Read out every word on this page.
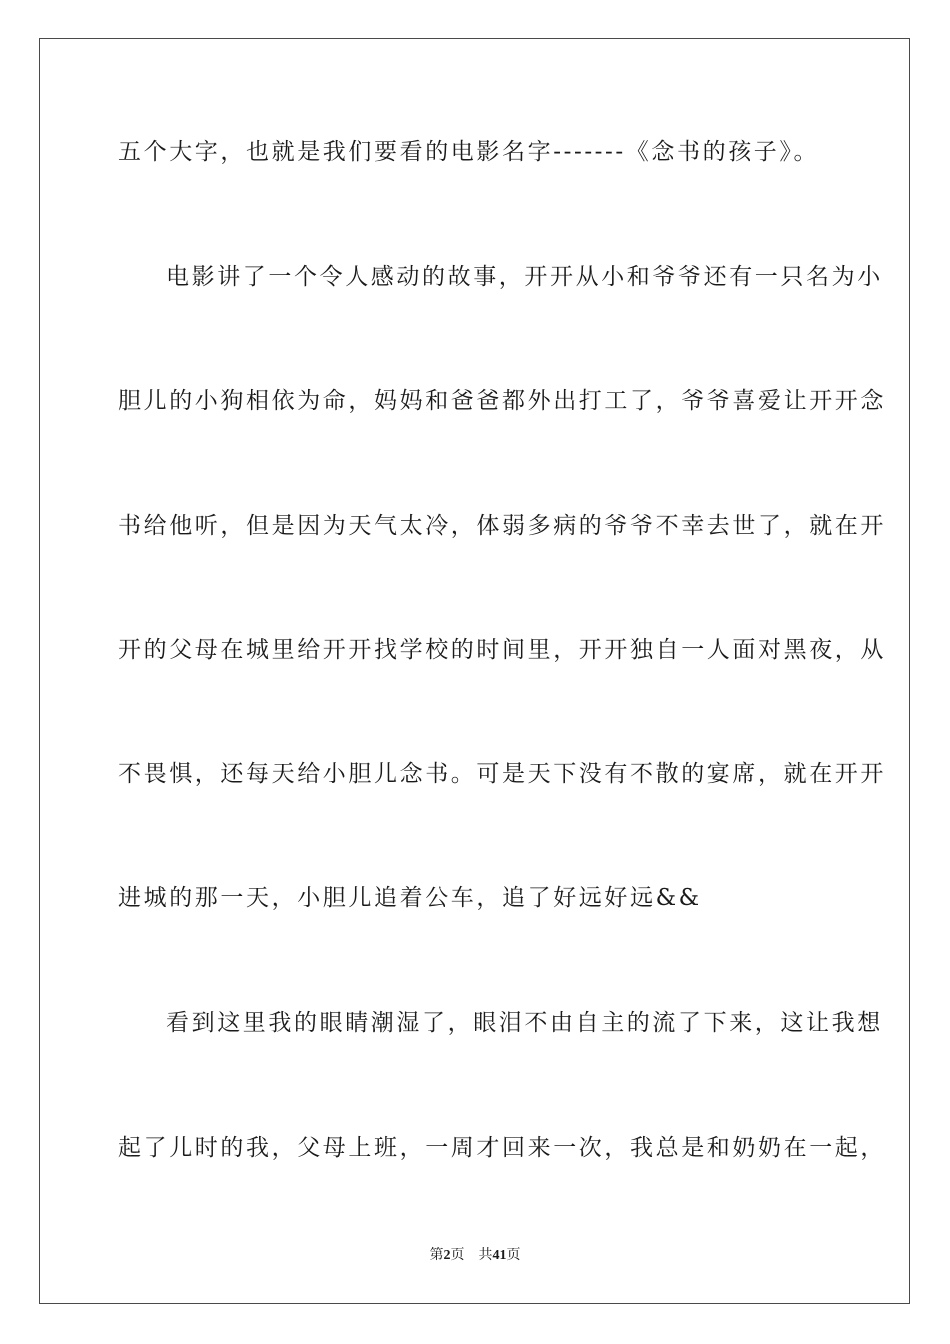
五个大字，也就是我们要看的电影名字-------《念书的孩子》。
电影讲了一个令人感动的故事，开开从小和爷爷还有一只名为小
胆儿的小狗相依为命，妈妈和爸爸都外出打工了，爷爷喜爱让开开念
书给他听，但是因为天气太冷，体弱多病的爷爷不幸去世了，就在开
开的父母在城里给开开找学校的时间里，开开独自一人面对黑夜，从
不畏惧，还每天给小胆儿念书。可是天下没有不散的宴席，就在开开
进城的那一天，小胆儿追着公车，追了好远好远&&
看到这里我的眼睛潮湿了，眼泪不由自主的流了下来，这让我想
起了儿时的我，父母上班，一周才回来一次，我总是和奶奶在一起，
第2页 共41页
